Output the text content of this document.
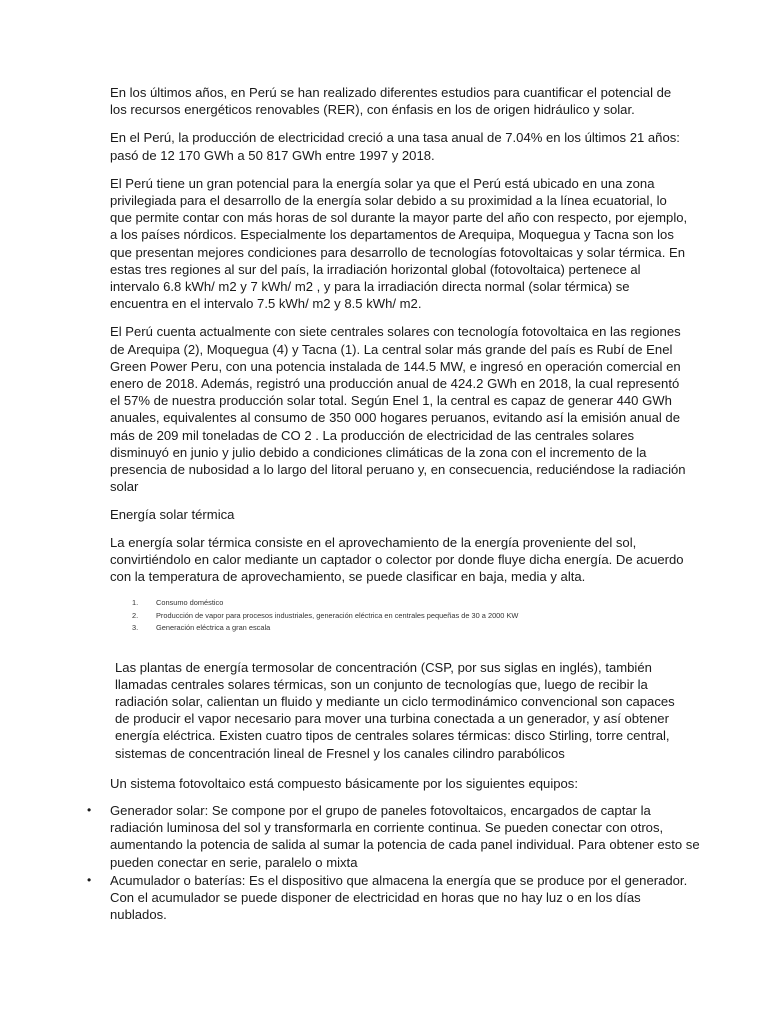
En los últimos años, en Perú se han realizado diferentes estudios para cuantificar el potencial de los recursos energéticos renovables (RER), con énfasis en los de origen hidráulico y solar.

En el Perú, la producción de electricidad creció a una tasa anual de 7.04% en los últimos 21 años: pasó de 12 170 GWh a 50 817 GWh entre 1997 y 2018.

El Perú tiene un gran potencial para la energía solar ya que el Perú está ubicado en una zona privilegiada para el desarrollo de la energía solar debido a su proximidad a la línea ecuatorial, lo que permite contar con más horas de sol durante la mayor parte del año con respecto, por ejemplo, a los países nórdicos. Especialmente los departamentos de Arequipa, Moquegua y Tacna son los que presentan mejores condiciones para desarrollo de tecnologías fotovoltaicas y solar térmica. En estas tres regiones al sur del país, la irradiación horizontal global (fotovoltaica) pertenece al intervalo 6.8 kWh/ m2 y 7 kWh/ m2 , y para la irradiación directa normal (solar térmica) se encuentra en el intervalo 7.5 kWh/ m2 y 8.5 kWh/ m2.

El Perú cuenta actualmente con siete centrales solares con tecnología fotovoltaica en las regiones de Arequipa (2), Moquegua (4) y Tacna (1). La central solar más grande del país es Rubí de Enel Green Power Peru, con una potencia instalada de 144.5 MW, e ingresó en operación comercial en enero de 2018. Además, registró una producción anual de 424.2 GWh en 2018, la cual representó el 57% de nuestra producción solar total. Según Enel 1, la central es capaz de generar 440 GWh anuales, equivalentes al consumo de 350 000 hogares peruanos, evitando así la emisión anual de más de 209 mil toneladas de CO 2 . La producción de electricidad de las centrales solares disminuyó en junio y julio debido a condiciones climáticas de la zona con el incremento de la presencia de nubosidad a lo largo del litoral peruano y, en consecuencia, reduciéndose la radiación solar

Energía solar térmica

La energía solar térmica consiste en el aprovechamiento de la energía proveniente del sol, convirtiéndolo en calor mediante un captador o colector por donde fluye dicha energía. De acuerdo con la temperatura de aprovechamiento, se puede clasificar en baja, media y alta.

1. Consumo doméstico
2. Producción de vapor para procesos industriales, generación eléctrica en centrales pequeñas de 30 a 2000 KW
3. Generación eléctrica a gran escala

Las plantas de energía termosolar de concentración (CSP, por sus siglas en inglés), también llamadas centrales solares térmicas, son un conjunto de tecnologías que, luego de recibir la radiación solar, calientan un fluido y mediante un ciclo termodinámico convencional son capaces de producir el vapor necesario para mover una turbina conectada a un generador, y así obtener energía eléctrica. Existen cuatro tipos de centrales solares térmicas: disco Stirling, torre central, sistemas de concentración lineal de Fresnel y los canales cilindro parabólicos

Un sistema fotovoltaico está compuesto básicamente por los siguientes equipos:

• Generador solar: Se compone por el grupo de paneles fotovoltaicos, encargados de captar la radiación luminosa del sol y transformarla en corriente continua. Se pueden conectar con otros, aumentando la potencia de salida al sumar la potencia de cada panel individual. Para obtener esto se pueden conectar en serie, paralelo o mixta
• Acumulador o baterías: Es el dispositivo que almacena la energía que se produce por el generador. Con el acumulador se puede disponer de electricidad en horas que no hay luz o en los días nublados.
